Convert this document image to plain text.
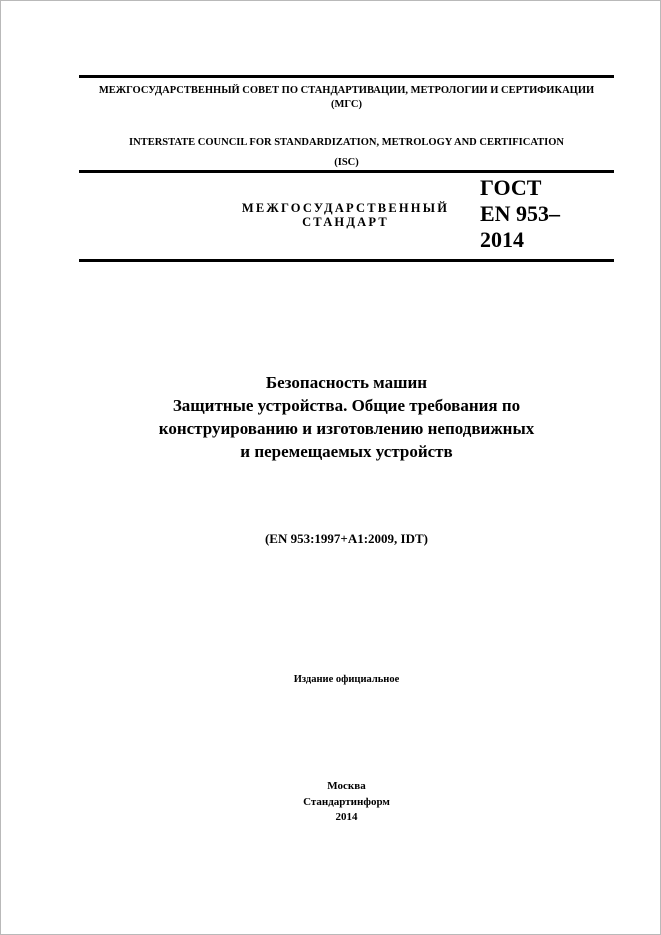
МЕЖГОСУДАРСТВЕННЫЙ СОВЕТ ПО СТАНДАРТИВАЦИИ, МЕТРОЛОГИИ И СЕРТИФИКАЦИИ
(МГС)
INTERSTATE COUNCIL FOR STANDARDIZATION, METROLOGY AND CERTIFICATION
(ISC)
МЕЖГОСУДАРСТВЕННЫЙ
СТАНДАРТ
ГОСТ
EN 953–
2014
Безопасность машин
Защитные устройства. Общие требования по
конструированию и изготовлению неподвижных
и перемещаемых устройств
(EN 953:1997+A1:2009, IDT)
Издание официальное
Москва
Стандартинформ
2014
